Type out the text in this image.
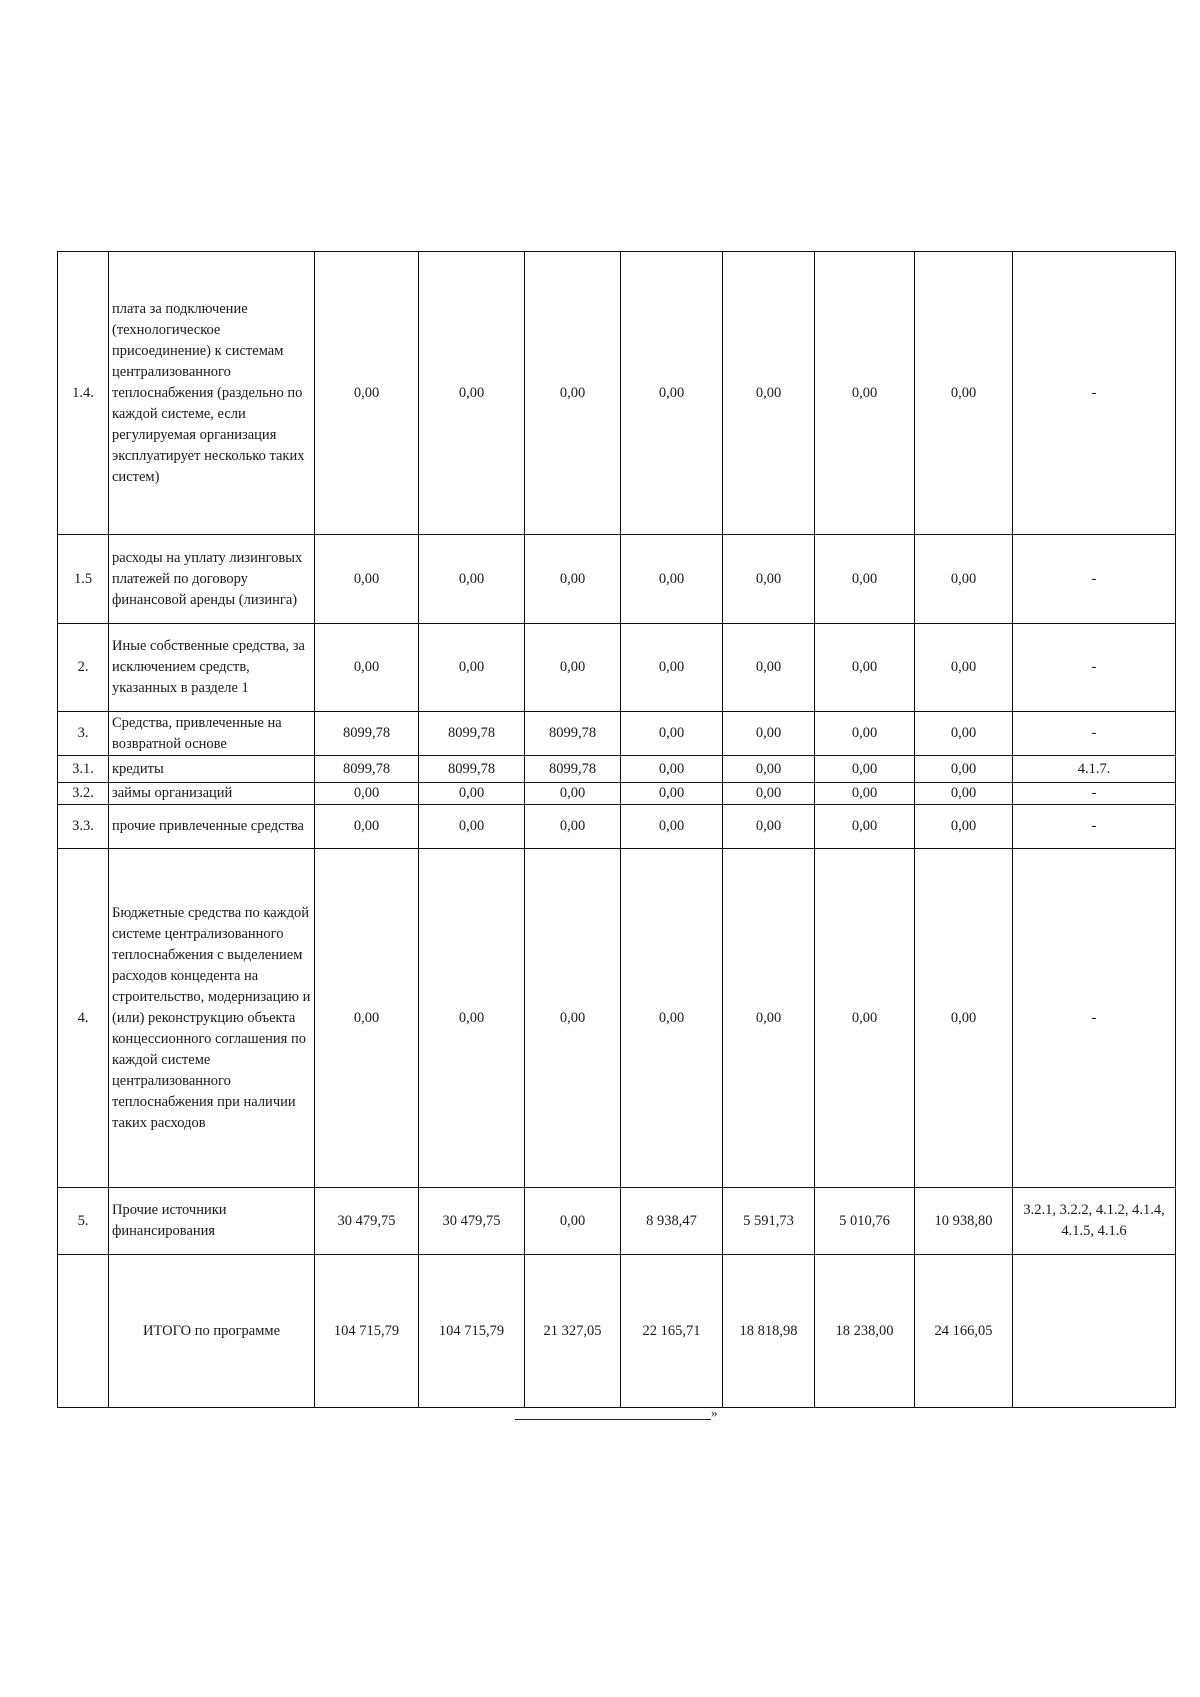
1.4.	плата за подключение (технологическое присоединение) к системам централизованного теплоснабжения (раздельно по каждой системе, если регулируемая организация эксплуатирует несколько таких систем)	0,00	0,00	0,00	0,00	0,00	0,00	0,00	-
1.5	расходы на уплату лизинговых платежей по договору финансовой аренды (лизинга)	0,00	0,00	0,00	0,00	0,00	0,00	0,00	-
2.	Иные собственные средства, за исключением средств, указанных в разделе 1	0,00	0,00	0,00	0,00	0,00	0,00	0,00	-
3.	Средства, привлеченные на возвратной основе	8099,78	8099,78	8099,78	0,00	0,00	0,00	0,00	-
3.1.	кредиты	8099,78	8099,78	8099,78	0,00	0,00	0,00	0,00	4.1.7.
3.2.	займы организаций	0,00	0,00	0,00	0,00	0,00	0,00	0,00	-
3.3.	прочие привлеченные средства	0,00	0,00	0,00	0,00	0,00	0,00	0,00	-
4.	Бюджетные средства по каждой системе централизованного теплоснабжения с выделением расходов концедента на строительство, модернизацию и (или) реконструкцию объекта концессионного соглашения по каждой системе централизованного теплоснабжения при наличии таких расходов	0,00	0,00	0,00	0,00	0,00	0,00	0,00	-
5.	Прочие источники финансирования	30 479,75	30 479,75	0,00	8 938,47	5 591,73	5 010,76	10 938,80	3.2.1, 3.2.2, 4.1.2, 4.1.4, 4.1.5, 4.1.6
	ИТОГО по программе	104 715,79	104 715,79	21 327,05	22 165,71	18 818,98	18 238,00	24 166,05	
»
